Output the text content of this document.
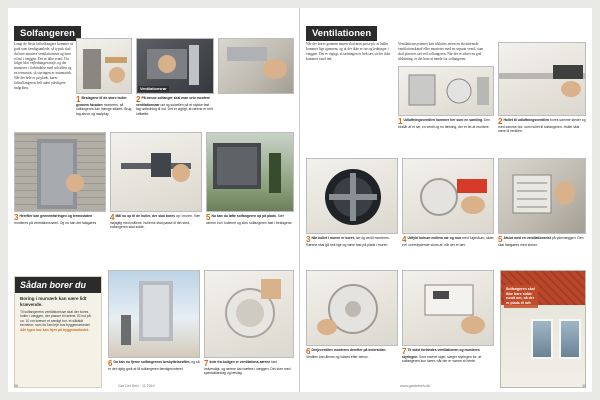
Solfangeren
Langt de fleste luftsolfangere kommer så godt som færdigsamlede, så typisk skal du bare montere ventilationsrør og bore et hul i væggen. Det er ikke svært. Du følger blot vejledningen nøje, og der monteres i forbindelse med solcellen og en termostat, så styringen er automatisk. Når det hele er på plads, kører luftsolfangeren helt uden yderligere indgriben.
1Beslagene til de store huller gennem facaden monteres, så solfangeren kan hænge sikkert. Brug tag-skrue og rawlplug.
Ventilationsrør
2På denne solfanger skal man selv montere ventilationsrør rør og solcellen på et stykke fast tag rørledning til ind. Det er vigtigt, at rørene er helt lufttætte.
3Herefter kan gennemføringen og termostaten monteres på ventilationsrøret. Og nu kan det fastgøres
4Mål nu op til de huller, der skal bores op i muren. Vær nøjagtig med målene, hullerne skal passe til det sted, solfangeren skal sidde.
5Nu kan du løfte solfangeren op på plads. Sæt rørene ind i hullerne og skru solfangeren fast i beslagene.
Sådan borer du
Boring i murværk kan være lidt krævende.
Til solfangerens ventilationsrør skal der bores huller i væggen, der passer til rørene. Et hul på ca. 10 cm kræver et særligt bor, et såkaldt kernebor, som du kan leje hos byggemarkedet. Alle typer bor kan lejes på byggemarkedet.
6Du kan nu fjerne solfangerens beskyttelsesfilm, og så er det rigtig godt at få solfangeren færdigmonteret
7Inde fra boligen er ventilations-rørene fast indvendigt, og rørene kan sættes i væggen. Det sker med specialdørslag og beslag.
38	Gør Det Selv · 11 2014
Ventilationen
Når der bores gennem muren skal man passe på, at hullet kommer lige igennem, og at der ikke er rør og ledninger i væggen. Det er vigtigt, at tætningen er helt tæt, så der ikke kommer vand ind.
Ventilationssystemet kan tilsluttes enten en eksisterende ventilationskanal eller monteres med en separat ventil, som skal placeres tæt ved solfangeren. Når der er sikret en god tilslutning, er det bare at tænde for solfangeren.
1Udluftningsventilen kommer her som en samling. Den består af et rør, en ventil og en tætning, der er let at montere.
2Hullet til udluftningsventilen bores samme steder og med samme bor, som hullet til solfangeren. Hullet skal være til ventilen.
3Når hullet i muren er boret, rør og ventil monteres. Rørene skal gå helt lige og være fast på plads i muren.
4Udfyld hulrum mellem rør og mur med fugeskum, skær evt. overskydende skum af, når det er tørt.
5Afslut med en ventilationsrist på ydervæggen. Den skal fastgøres med skruer.
6Drejeventilen monteres derefter på indersiden. Ventilen kan åbnes og lukkes efter behov.
7Til sidst forbindes ventilationen og monteres styringen. Som navnet siger, sørger styringen for, at solfangeren kun kører, når der er varme at hente.
Solfangeren skal ikke bare sidde rundt om, så der er plads til luft.
www.gørdetselv.dk	39
